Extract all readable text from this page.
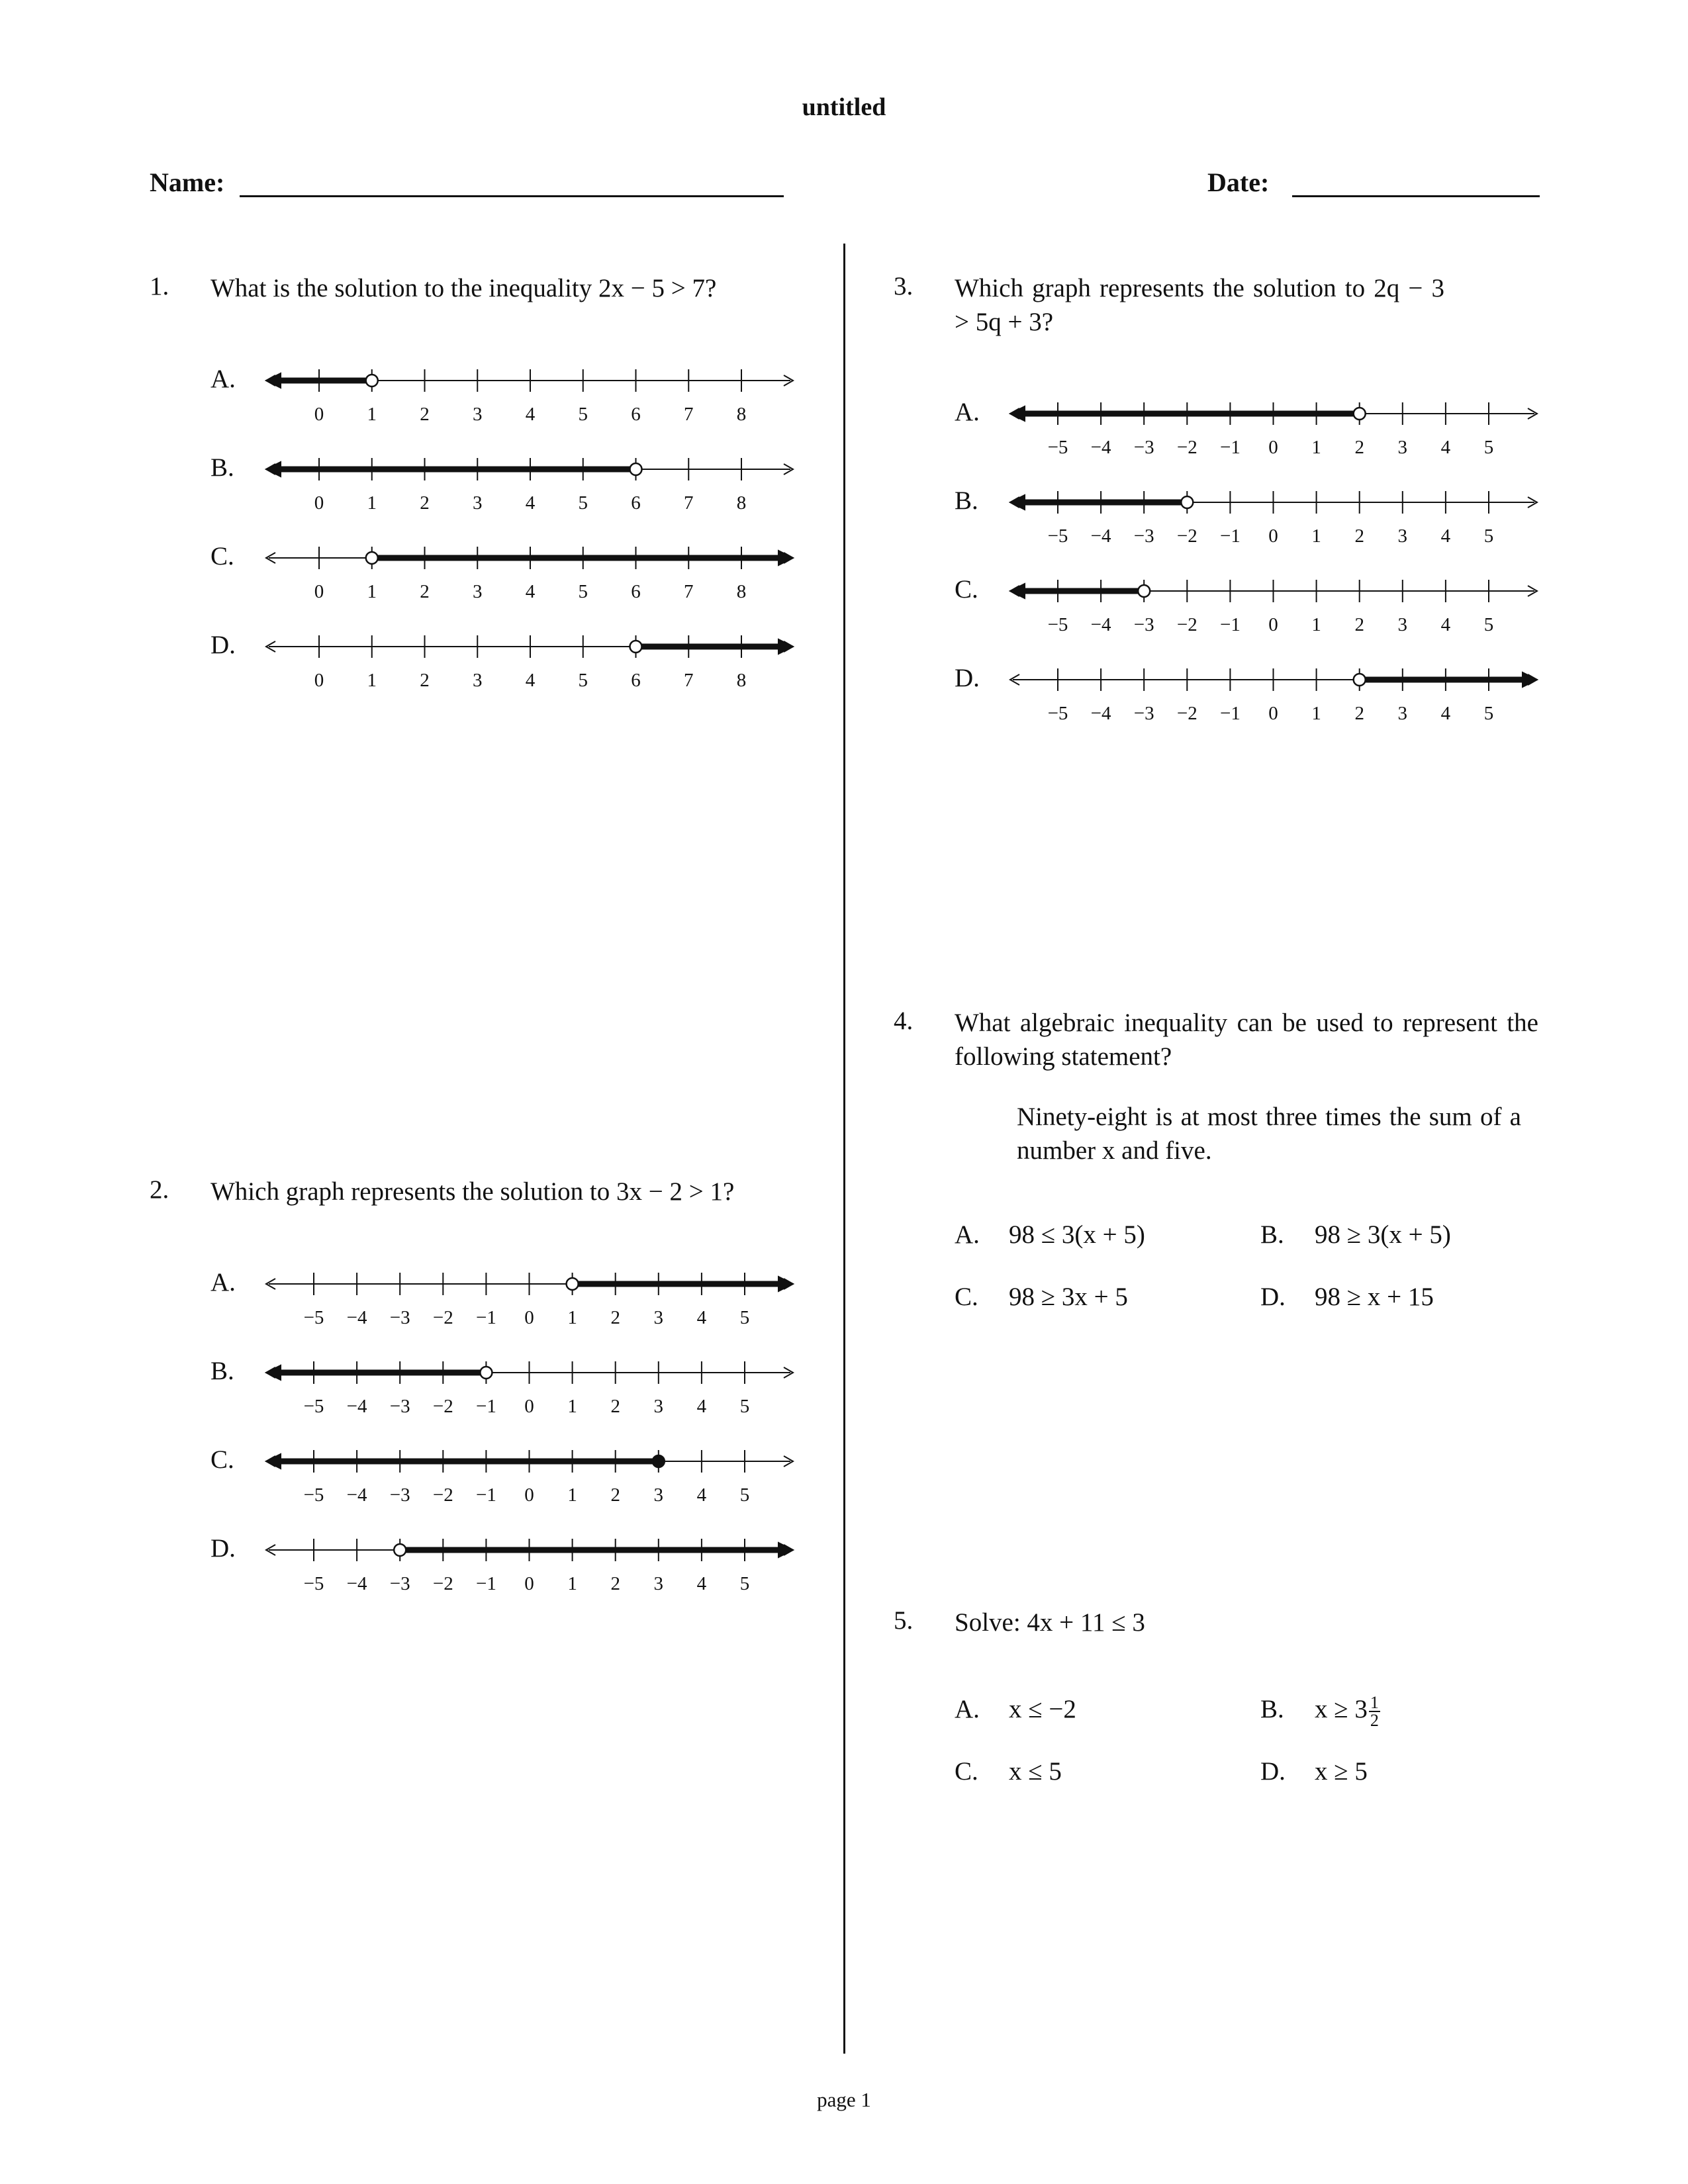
untitled
Name:	Date:
1. What is the solution to the inequality 2x − 5 > 7?
A.
B.
C.
D.
0 1 2 3 4 5 6 7 8
0 1 2 3 4 5 6 7 8
0 1 2 3 4 5 6 7 8
0 1 2 3 4 5 6 7 8
2. Which graph represents the solution to 3x − 2 > 1?
A.
B.
C.
D.
−5 −4 −3 −2 −1 0 1 2 3 4 5
−5 −4 −3 −2 −1 0 1 2 3 4 5
−5 −4 −3 −2 −1 0 1 2 3 4 5
−5 −4 −3 −2 −1 0 1 2 3 4 5
3. Which graph represents the solution to 2q − 3 > 5q + 3?
A.
B.
C.
D.
−5 −4 −3 −2 −1 0 1 2 3 4 5
−5 −4 −3 −2 −1 0 1 2 3 4 5
−5 −4 −3 −2 −1 0 1 2 3 4 5
−5 −4 −3 −2 −1 0 1 2 3 4 5
4. What algebraic inequality can be used to represent the following statement?
Ninety-eight is at most three times the sum of a number x and five.
A. 98 ≤ 3(x + 5)	B. 98 ≥ 3(x + 5)
C. 98 ≥ 3x + 5	D. 98 ≥ x + 15
5. Solve: 4x + 11 ≤ 3
A. x ≤ −2	B. $x \ge 3 \frac{1}{2}$
C. x ≤ 5	D. x ≥ 5
page 1
